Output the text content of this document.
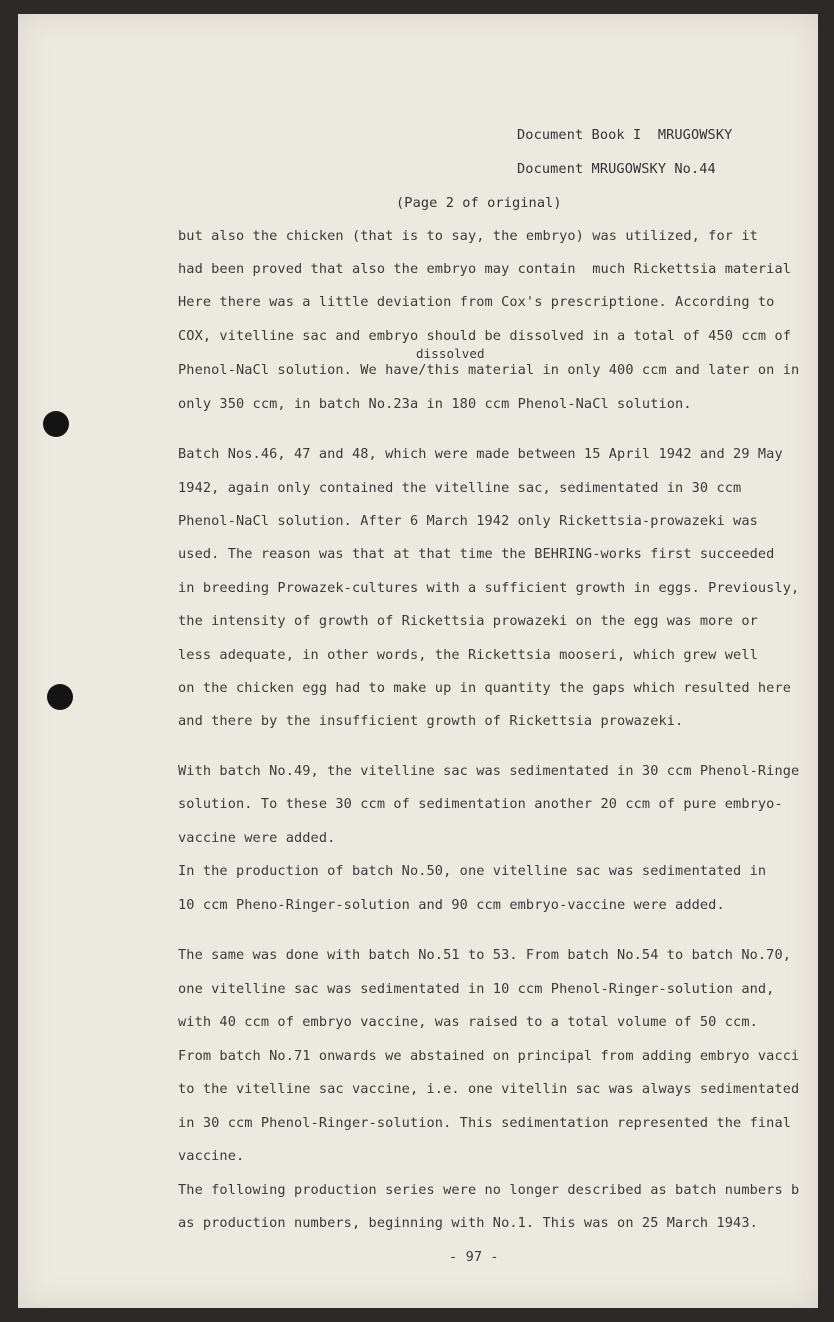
Document Book I  MRUGOWSKY
Document MRUGOWSKY No.44
(Page 2 of original)
dissolved
but also the chicken (that is to say, the embryo) was utilized, for it
had been proved that also the embryo may contain  much Rickettsia material
Here there was a little deviation from Cox's prescriptione. According to
COX, vitelline sac and embryo should be dissolved in a total of 450 ccm of
Phenol-NaCl solution. We have/this material in only 400 ccm and later on in
only 350 ccm, in batch No.23a in 180 ccm Phenol-NaCl solution.
Batch Nos.46, 47 and 48, which were made between 15 April 1942 and 29 May
1942, again only contained the vitelline sac, sedimentated in 30 ccm
Phenol-NaCl solution. After 6 March 1942 only Rickettsia-prowazeki was
used. The reason was that at that time the BEHRING-works first succeeded
in breeding Prowazek-cultures with a sufficient growth in eggs. Previously,
the intensity of growth of Rickettsia prowazeki on the egg was more or
less adequate, in other words, the Rickettsia mooseri, which grew well
on the chicken egg had to make up in quantity the gaps which resulted here
and there by the insufficient growth of Rickettsia prowazeki.
With batch No.49, the vitelline sac was sedimentated in 30 ccm Phenol-Ringe
solution. To these 30 ccm of sedimentation another 20 ccm of pure embryo-
vaccine were added.
In the production of batch No.50, one vitelline sac was sedimentated in
10 ccm Pheno-Ringer-solution and 90 ccm embryo-vaccine were added.
The same was done with batch No.51 to 53. From batch No.54 to batch No.70,
one vitelline sac was sedimentated in 10 ccm Phenol-Ringer-solution and,
with 40 ccm of embryo vaccine, was raised to a total volume of 50 ccm.
From batch No.71 onwards we abstained on principal from adding embryo vacci
to the vitelline sac vaccine, i.e. one vitellin sac was always sedimentated
in 30 ccm Phenol-Ringer-solution. This sedimentation represented the final
vaccine.
The following production series were no longer described as batch numbers b
as production numbers, beginning with No.1. This was on 25 March 1943.
- 97 -
